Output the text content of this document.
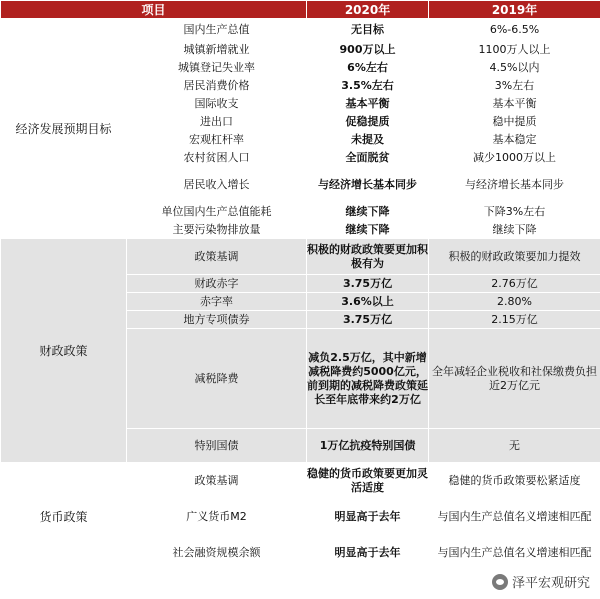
项目		2020年	2019年
经济发展预期目标	国内生产总值	无目标	6%-6.5%
	城镇新增就业	900万以上	1100万人以上
	城镇登记失业率	6%左右	4.5%以内
	居民消费价格	3.5%左右	3%左右
	国际收支	基本平衡	基本平衡
	进出口	促稳提质	稳中提质
	宏观杠杆率	未提及	基本稳定
	农村贫困人口	全面脱贫	减少1000万以上
	居民收入增长	与经济增长基本同步	与经济增长基本同步
	单位国内生产总值能耗	继续下降	下降3%左右
	主要污染物排放量	继续下降	继续下降
财政政策	政策基调	积极的财政政策要更加积极有为	积极的财政政策要加力提效
	财政赤字	3.75万亿	2.76万亿
	赤字率	3.6%以上	2.80%
	地方专项债券	3.75万亿	2.15万亿
	减税降费	减负2.5万亿，其中新增减税降费约5000亿元，前到期的减税降费政策延长至年底带来约2万亿	全年减轻企业税收和社保缴费负担近2万亿元
	特别国债	1万亿抗疫特别国债	无
货币政策	政策基调	稳健的货币政策要更加灵活适度	稳健的货币政策要松紧适度
	广义货币M2	明显高于去年	与国内生产总值名义增速相匹配
	社会融资规模余额	明显高于去年	与国内生产总值名义增速相匹配
泽平宏观研究
